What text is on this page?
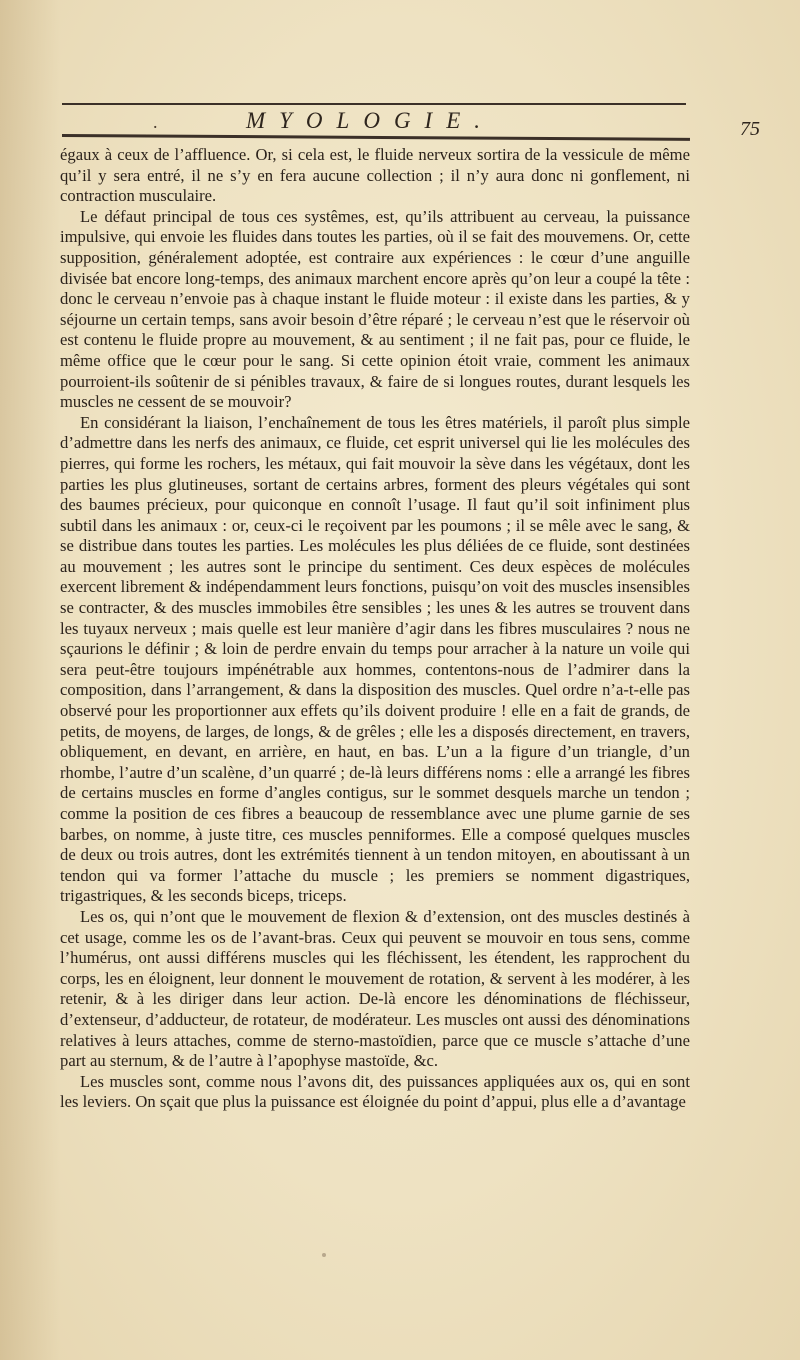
.	MYOLOGIE.	75

égaux à ceux de l’affluence. Or, si cela est, le fluide nerveux sortira de la vessicule de même qu’il y sera entré, il ne s’y en fera aucune collection ; il n’y aura donc ni gonflement, ni contraction musculaire.

Le défaut principal de tous ces systêmes, est, qu’ils attribuent au cerveau, la puissance impulsive, qui envoie les fluides dans toutes les parties, où il se fait des mouvemens. Or, cette supposition, généralement adoptée, est contraire aux expériences : le cœur d’une anguille divisée bat encore long-temps, des animaux marchent encore après qu’on leur a coupé la tête : donc le cerveau n’envoie pas à chaque instant le fluide moteur : il existe dans les parties, & y séjourne un certain temps, sans avoir besoin d’être réparé ; le cerveau n’est que le réservoir où est contenu le fluide propre au mouvement, & au sentiment ; il ne fait pas, pour ce fluide, le même office que le cœur pour le sang. Si cette opinion étoit vraie, comment les animaux pourroient-ils soûtenir de si pénibles travaux, & faire de si longues routes, durant lesquels les muscles ne cessent de se mouvoir?

En considérant la liaison, l’enchaînement de tous les êtres matériels, il paroît plus simple d’admettre dans les nerfs des animaux, ce fluide, cet esprit universel qui lie les molécules des pierres, qui forme les rochers, les métaux, qui fait mouvoir la sève dans les végétaux, dont les parties les plus glutineuses, sortant de certains arbres, forment des pleurs végétales qui sont des baumes précieux, pour quiconque en connoît l’usage. Il faut qu’il soit infiniment plus subtil dans les animaux : or, ceux-ci le reçoivent par les poumons ; il se mêle avec le sang, & se distribue dans toutes les parties. Les molécules les plus déliées de ce fluide, sont destinées au mouvement ; les autres sont le principe du sentiment. Ces deux espèces de molécules exercent librement & indépendamment leurs fonctions, puisqu’on voit des muscles insensibles se contracter, & des muscles immobiles être sensibles ; les unes & les autres se trouvent dans les tuyaux nerveux ; mais quelle est leur manière d’agir dans les fibres musculaires ? nous ne sçaurions le définir ; & loin de perdre envain du temps pour arracher à la nature un voile qui sera peut-être toujours impénétrable aux hommes, contentons-nous de l’admirer dans la composition, dans l’arrangement, & dans la disposition des muscles. Quel ordre n’a-t-elle pas observé pour les proportionner aux effets qu’ils doivent produire ! elle en a fait de grands, de petits, de moyens, de larges, de longs, & de grêles ; elle les a disposés directement, en travers, obliquement, en devant, en arrière, en haut, en bas. L’un a la figure d’un triangle, d’un rhombe, l’autre d’un scalène, d’un quarré ; de-là leurs différens noms : elle a arrangé les fibres de certains muscles en forme d’angles contigus, sur le sommet desquels marche un tendon ; comme la position de ces fibres a beaucoup de ressemblance avec une plume garnie de ses barbes, on nomme, à juste titre, ces muscles penniformes. Elle a composé quelques muscles de deux ou trois autres, dont les extrémités tiennent à un tendon mitoyen, en aboutissant à un tendon qui va former l’attache du muscle ; les premiers se nomment digastriques, trigastriques, & les seconds biceps, triceps.

Les os, qui n’ont que le mouvement de flexion & d’extension, ont des muscles destinés à cet usage, comme les os de l’avant-bras. Ceux qui peuvent se mouvoir en tous sens, comme l’humérus, ont aussi différens muscles qui les fléchissent, les étendent, les rapprochent du corps, les en éloignent, leur donnent le mouvement de rotation, & servent à les modérer, à les retenir, & à les diriger dans leur action. De-là encore les dénominations de fléchisseur, d’extenseur, d’adducteur, de rotateur, de modérateur. Les muscles ont aussi des dénominations relatives à leurs attaches, comme de sterno-mastoïdien, parce que ce muscle s’attache d’une part au sternum, & de l’autre à l’apophyse mastoïde, &c.

Les muscles sont, comme nous l’avons dit, des puissances appliquées aux os, qui en sont les leviers. On sçait que plus la puissance est éloignée du point d’appui, plus elle a d’avantage
